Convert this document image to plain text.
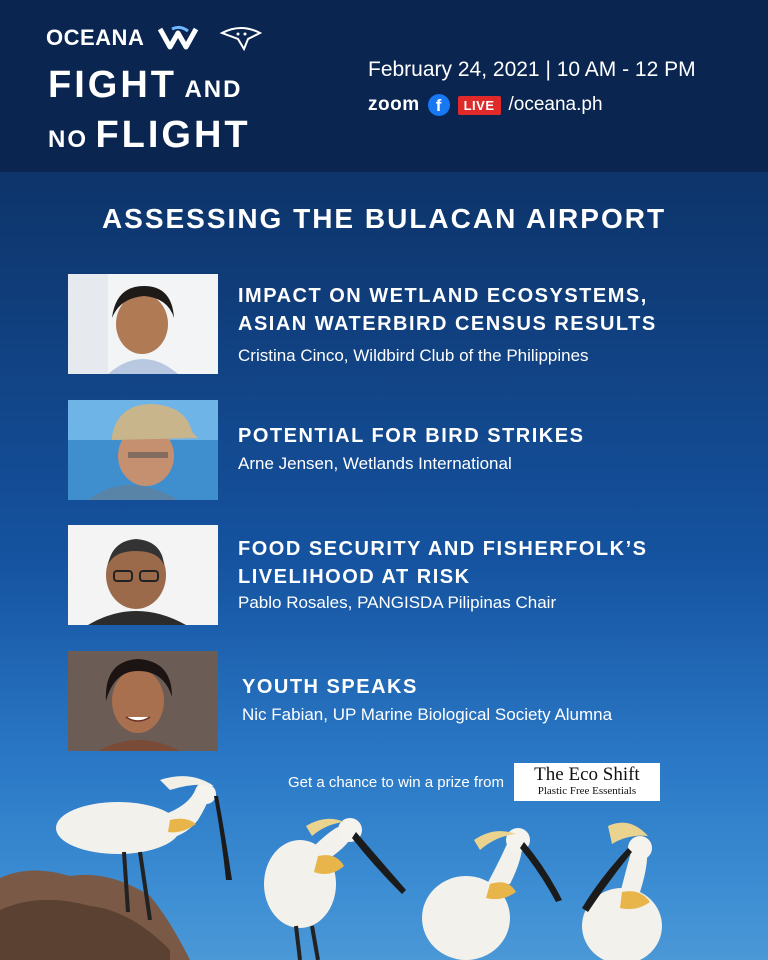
OCEANA
FIGHT AND
NO FLIGHT
February 24, 2021 | 10 AM - 12 PM
zoom f	LIVE /oceana.ph
ASSESSING THE BULACAN AIRPORT
IMPACT ON WETLAND ECOSYSTEMS,
ASIAN WATERBIRD CENSUS RESULTS
Cristina Cinco, Wildbird Club of the Philippines
POTENTIAL FOR BIRD STRIKES
Arne Jensen, Wetlands International
FOOD SECURITY AND FISHERFOLK’S
LIVELIHOOD AT RISK
Pablo Rosales, PANGISDA Pilipinas Chair
YOUTH SPEAKS
Nic Fabian, UP Marine Biological Society Alumna
Get a chance to win a prize from	The Eco Shift
Plastic Free Essentials
